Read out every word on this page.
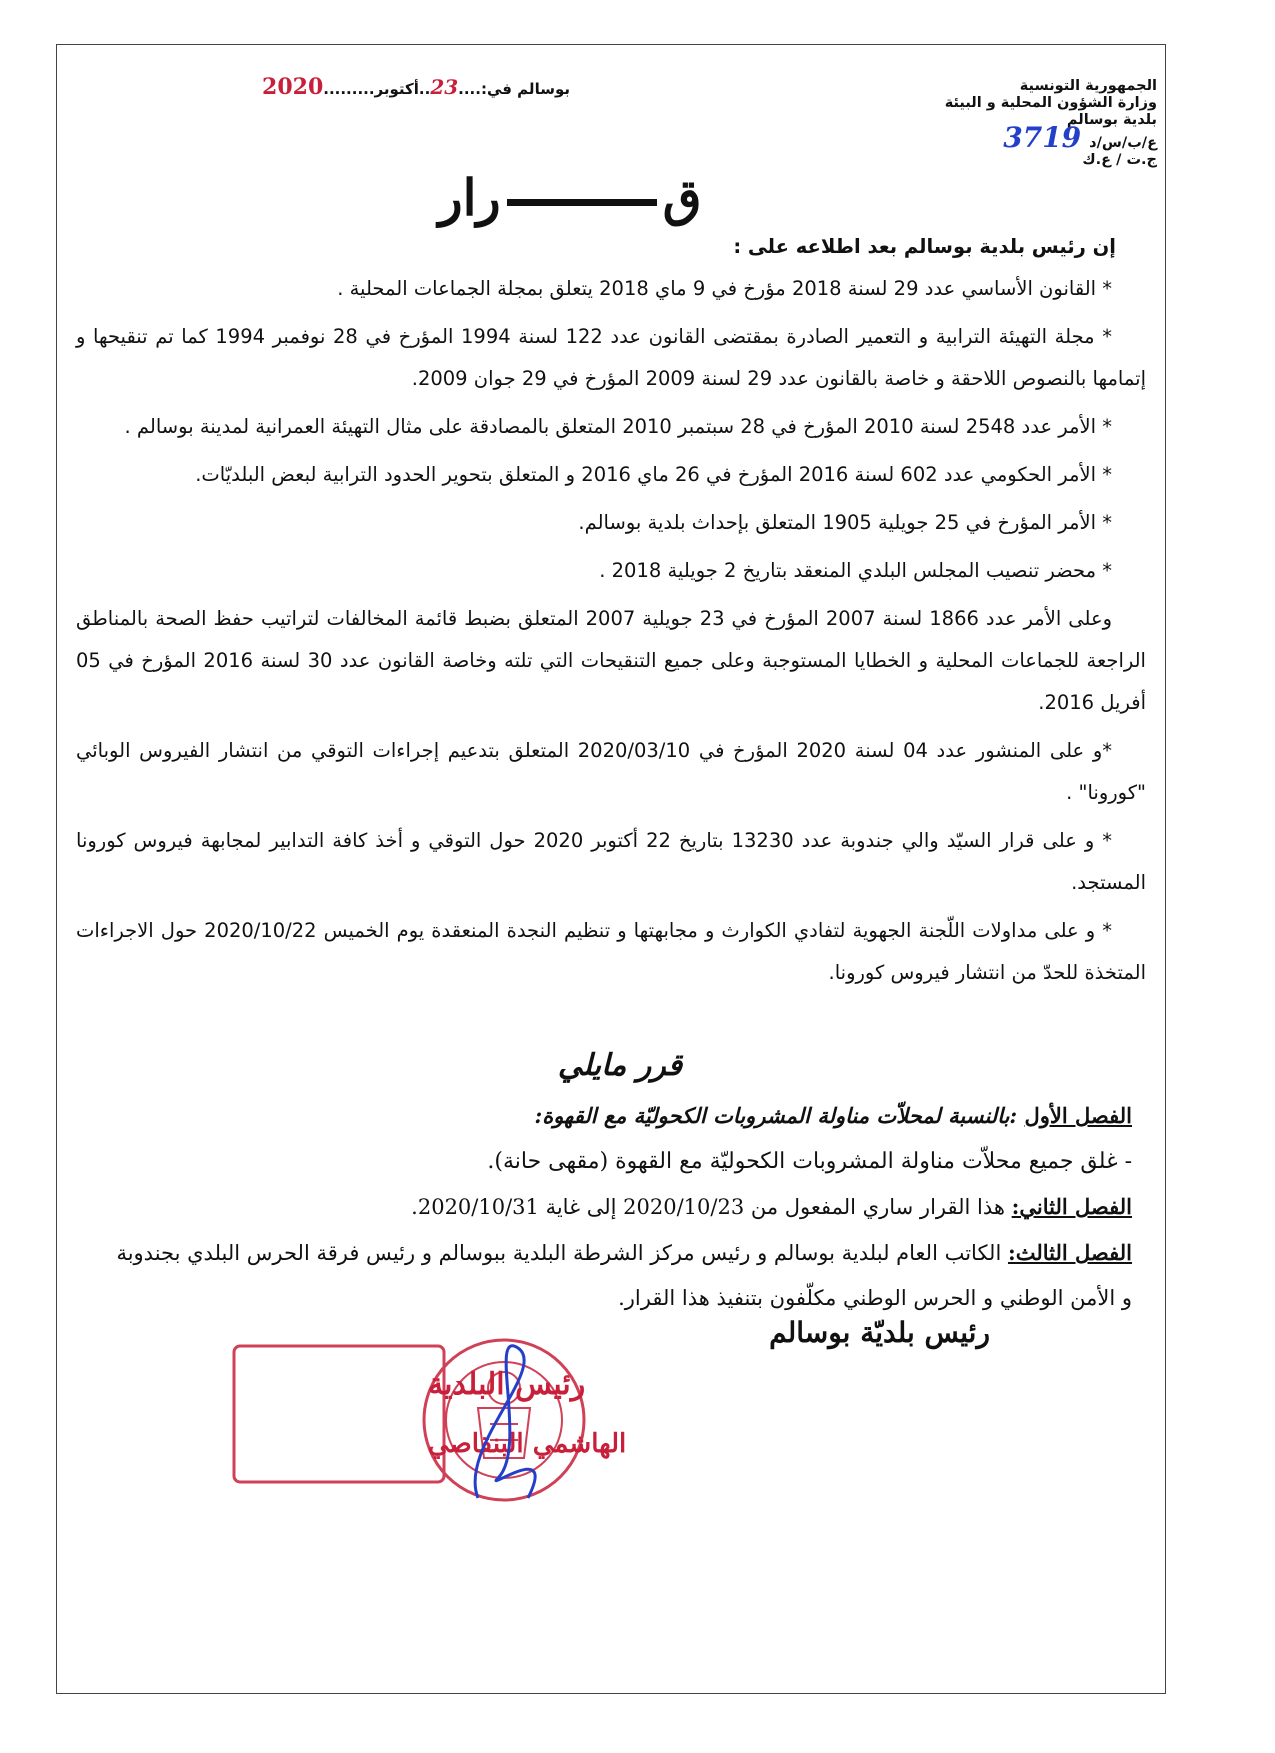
الجمهورية التونسية
وزارة الشؤون المحلية و البيئة
بلدية بوسالم
ع/ب/س/د3719
ج.ت / ع.ك
بوسالم في:....23..أكتوبر.........2020
قرار

إن رئيس بلدية بوسالم بعد اطلاعه على :

* القانون الأساسي عدد 29 لسنة 2018 مؤرخ في 9 ماي 2018 يتعلق بمجلة الجماعات المحلية .

* مجلة التهيئة الترابية و التعمير الصادرة بمقتضى القانون عدد 122 لسنة 1994 المؤرخ في 28 نوفمبر 1994 كما تم تنقيحها و إتمامها بالنصوص اللاحقة و خاصة بالقانون عدد 29 لسنة 2009 المؤرخ في 29 جوان 2009.

* الأمر عدد 2548 لسنة 2010 المؤرخ في 28 سبتمبر 2010 المتعلق بالمصادقة على مثال التهيئة العمرانية لمدينة بوسالم .

* الأمر الحكومي عدد 602 لسنة 2016 المؤرخ في 26 ماي 2016 و المتعلق بتحوير الحدود الترابية لبعض البلديّات.

* الأمر المؤرخ في 25 جويلية 1905 المتعلق بإحداث بلدية بوسالم.

* محضر تنصيب المجلس البلدي المنعقد بتاريخ 2 جويلية 2018 .

وعلى الأمر عدد 1866 لسنة 2007 المؤرخ في 23 جويلية 2007 المتعلق بضبط قائمة المخالفات لتراتيب حفظ الصحة بالمناطق الراجعة للجماعات المحلية و الخطايا المستوجبة وعلى جميع التنقيحات التي تلته وخاصة القانون عدد 30 لسنة 2016 المؤرخ في 05 أفريل 2016.

*و على المنشور عدد 04 لسنة 2020 المؤرخ في 2020/03/10 المتعلق بتدعيم إجراءات التوقي من انتشار الفيروس الوبائي "كورونا" .

* و على قرار السيّد والي جندوبة عدد 13230 بتاريخ 22 أكتوبر 2020 حول التوقي و أخذ كافة التدابير لمجابهة فيروس كورونا المستجد.

* و على مداولات اللّجنة الجهوية لتفادي الكوارث و مجابهتها و تنظيم النجدة المنعقدة يوم الخميس 2020/10/22 حول الاجراءات المتخذة للحدّ من انتشار فيروس كورونا.

قرر مايلي

الفصل الأول :بالنسبة لمحلاّت مناولة المشروبات الكحوليّة مع القهوة:

- غلق جميع محلاّت مناولة المشروبات الكحوليّة مع القهوة (مقهى حانة).

الفصل الثاني: هذا القرار ساري المفعول من 2020/10/23 إلى غاية 2020/10/31.

الفصل الثالث: الكاتب العام لبلدية بوسالم و رئيس مركز الشرطة البلدية ببوسالم و رئيس فرقة الحرس البلدي بجندوبة و الأمن الوطني و الحرس الوطني مكلّفون بتنفيذ هذا القرار.

رئيس بلديّة بوسالم
رئيس البلدية
الهاشمي البنقاصي
